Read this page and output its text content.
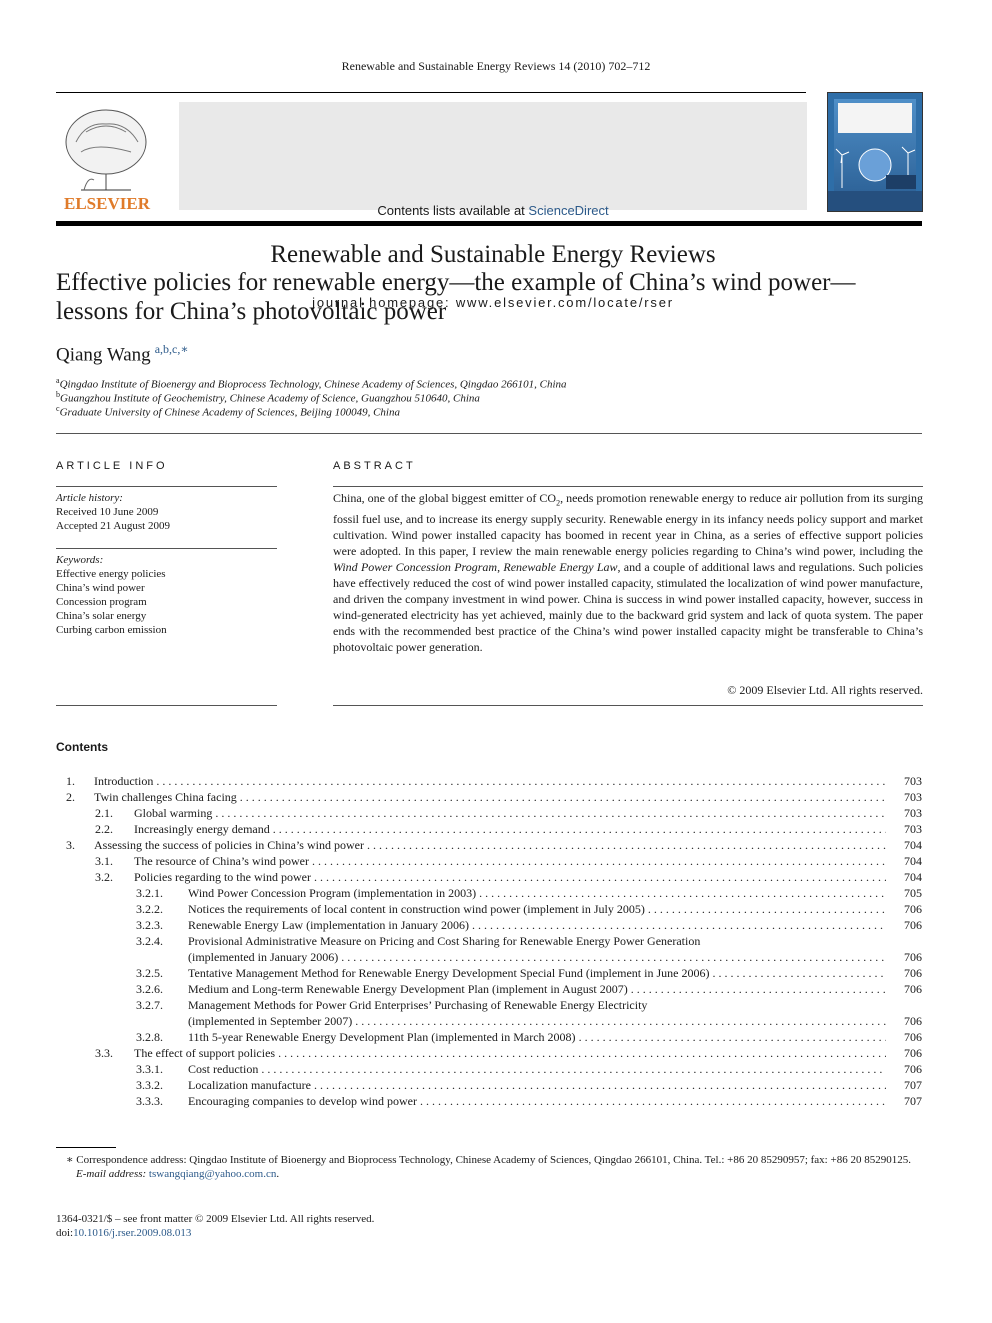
Renewable and Sustainable Energy Reviews 14 (2010) 702–712
ELSEVIER	Contents lists available at ScienceDirect
Renewable and Sustainable Energy Reviews
journal homepage: www.elsevier.com/locate/rser
Effective policies for renewable energy—the example of China’s wind power—lessons for China’s photovoltaic power
Qiang Wang $^{a,b,c,∗}$
$^a$Qingdao Institute of Bioenergy and Bioprocess Technology, Chinese Academy of Sciences, Qingdao 266101, China
$^b$Guangzhou Institute of Geochemistry, Chinese Academy of Science, Guangzhou 510640, China
$^c$Graduate University of Chinese Academy of Sciences, Beijing 100049, China
ARTICLE INFO
Article history:
Received 10 June 2009
Accepted 21 August 2009
Keywords:
Effective energy policies
China’s wind power
Concession program
China’s solar energy
Curbing carbon emission
ABSTRACT
China, one of the global biggest emitter of $CO_2$, needs promotion renewable energy to reduce air pollution from its surging fossil fuel use, and to increase its energy supply security. Renewable energy in its infancy needs policy support and market cultivation. Wind power installed capacity has boomed in recent year in China, as a series of effective support policies were adopted. In this paper, I review the main renewable energy policies regarding to China’s wind power, including the Wind Power Concession Program, Renewable Energy Law, and a couple of additional laws and regulations. Such policies have effectively reduced the cost of wind power installed capacity, stimulated the localization of wind power manufacture, and driven the company investment in wind power. China is success in wind power installed capacity, however, success in wind-generated electricity has yet achieved, mainly due to the backward grid system and lack of quota system. The paper ends with the recommended best practice of the China’s wind power installed capacity might be transferable to China’s photovoltaic power generation.
© 2009 Elsevier Ltd. All rights reserved.
Contents
1. Introduction . . .	703
2. Twin challenges China facing . . .	703
2.1. Global warming . . .	703
2.2. Increasingly energy demand . . .	703
3. Assessing the success of policies in China’s wind power . . .	704
3.1. The resource of China’s wind power . . .	704
3.2. Policies regarding to the wind power . . .	704
3.2.1. Wind Power Concession Program (implementation in 2003) . . .	705
3.2.2. Notices the requirements of local content in construction wind power (implement in July 2005) . . .	706
3.2.3. Renewable Energy Law (implementation in January 2006) . . .	706
3.2.4. Provisional Administrative Measure on Pricing and Cost Sharing for Renewable Energy Power Generation
(implemented in January 2006) . . .	706
3.2.5. Tentative Management Method for Renewable Energy Development Special Fund (implement in June 2006) . . .	706
3.2.6. Medium and Long-term Renewable Energy Development Plan (implement in August 2007) . . .	706
3.2.7. Management Methods for Power Grid Enterprises’ Purchasing of Renewable Energy Electricity
(implemented in September 2007) . . .	706
3.2.8. 11th 5-year Renewable Energy Development Plan (implemented in March 2008) . . .	706
3.3. The effect of support policies . . .	706
3.3.1. Cost reduction . . .	706
3.3.2. Localization manufacture . . .	707
3.3.3. Encouraging companies to develop wind power . . .	707
∗ Correspondence address: Qingdao Institute of Bioenergy and Bioprocess Technology, Chinese Academy of Sciences, Qingdao 266101, China. Tel.: +86 20 85290957; fax: +86 20 85290125.
E-mail address: tswangqiang@yahoo.com.cn.
1364-0321/$ – see front matter © 2009 Elsevier Ltd. All rights reserved.
doi:10.1016/j.rser.2009.08.013
